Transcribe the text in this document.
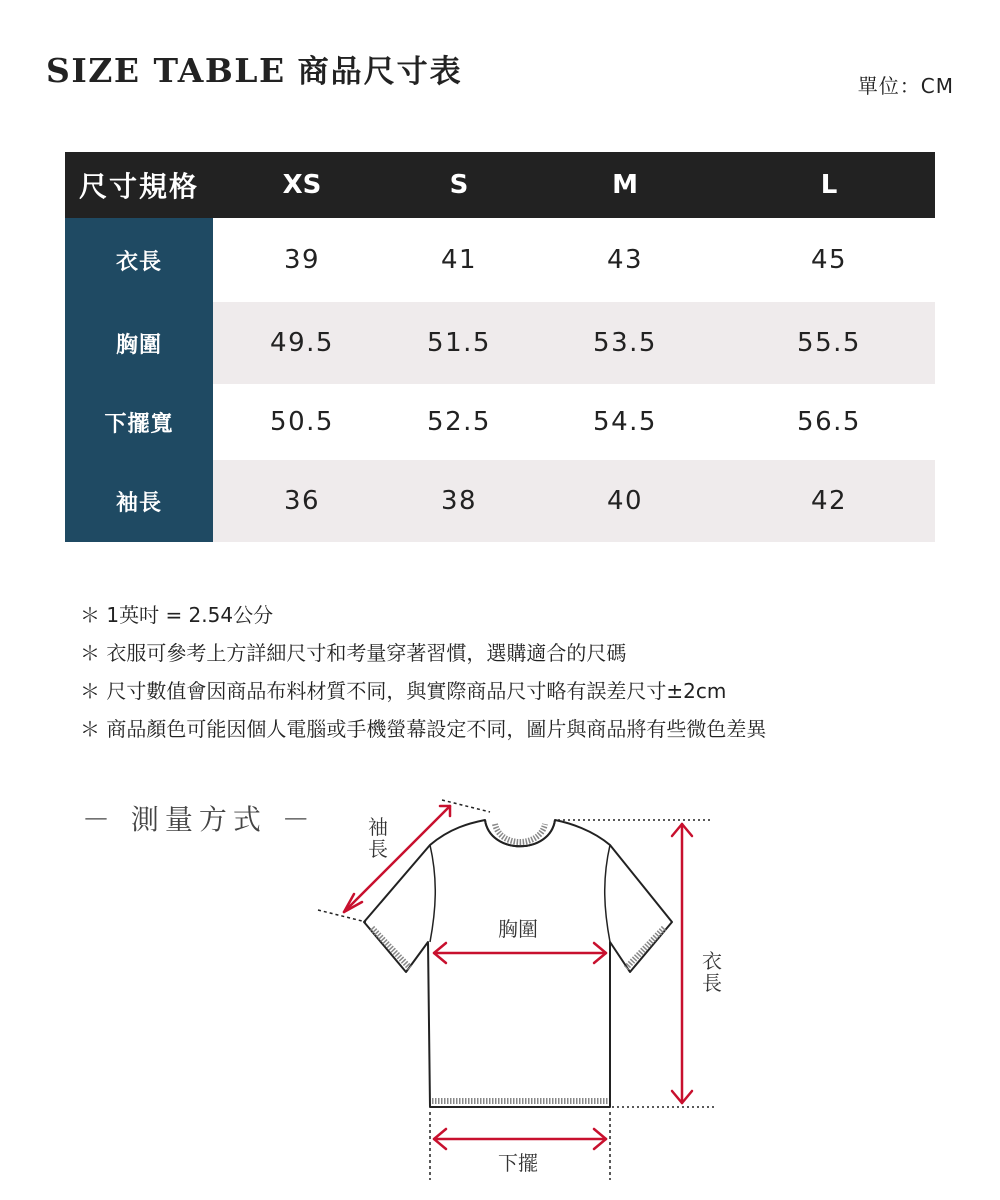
SIZE TABLE 商品尺寸表	單位：CM
尺寸規格	XS	S	M	L
衣長	39	41	43	45
胸圍	49.5	51.5	53.5	55.5
下擺寬	50.5	52.5	54.5	56.5
袖長	36	38	40	42
＊ 1英吋 = 2.54公分
＊ 衣服可參考上方詳細尺寸和考量穿著習慣，選購適合的尺碼
＊ 尺寸數值會因商品布料材質不同，與實際商品尺寸略有誤差尺寸±2cm
＊ 商品顏色可能因個人電腦或手機螢幕設定不同，圖片與商品將有些微色差異
－ 測量方式 －	袖長
胸圍
衣長
下擺
